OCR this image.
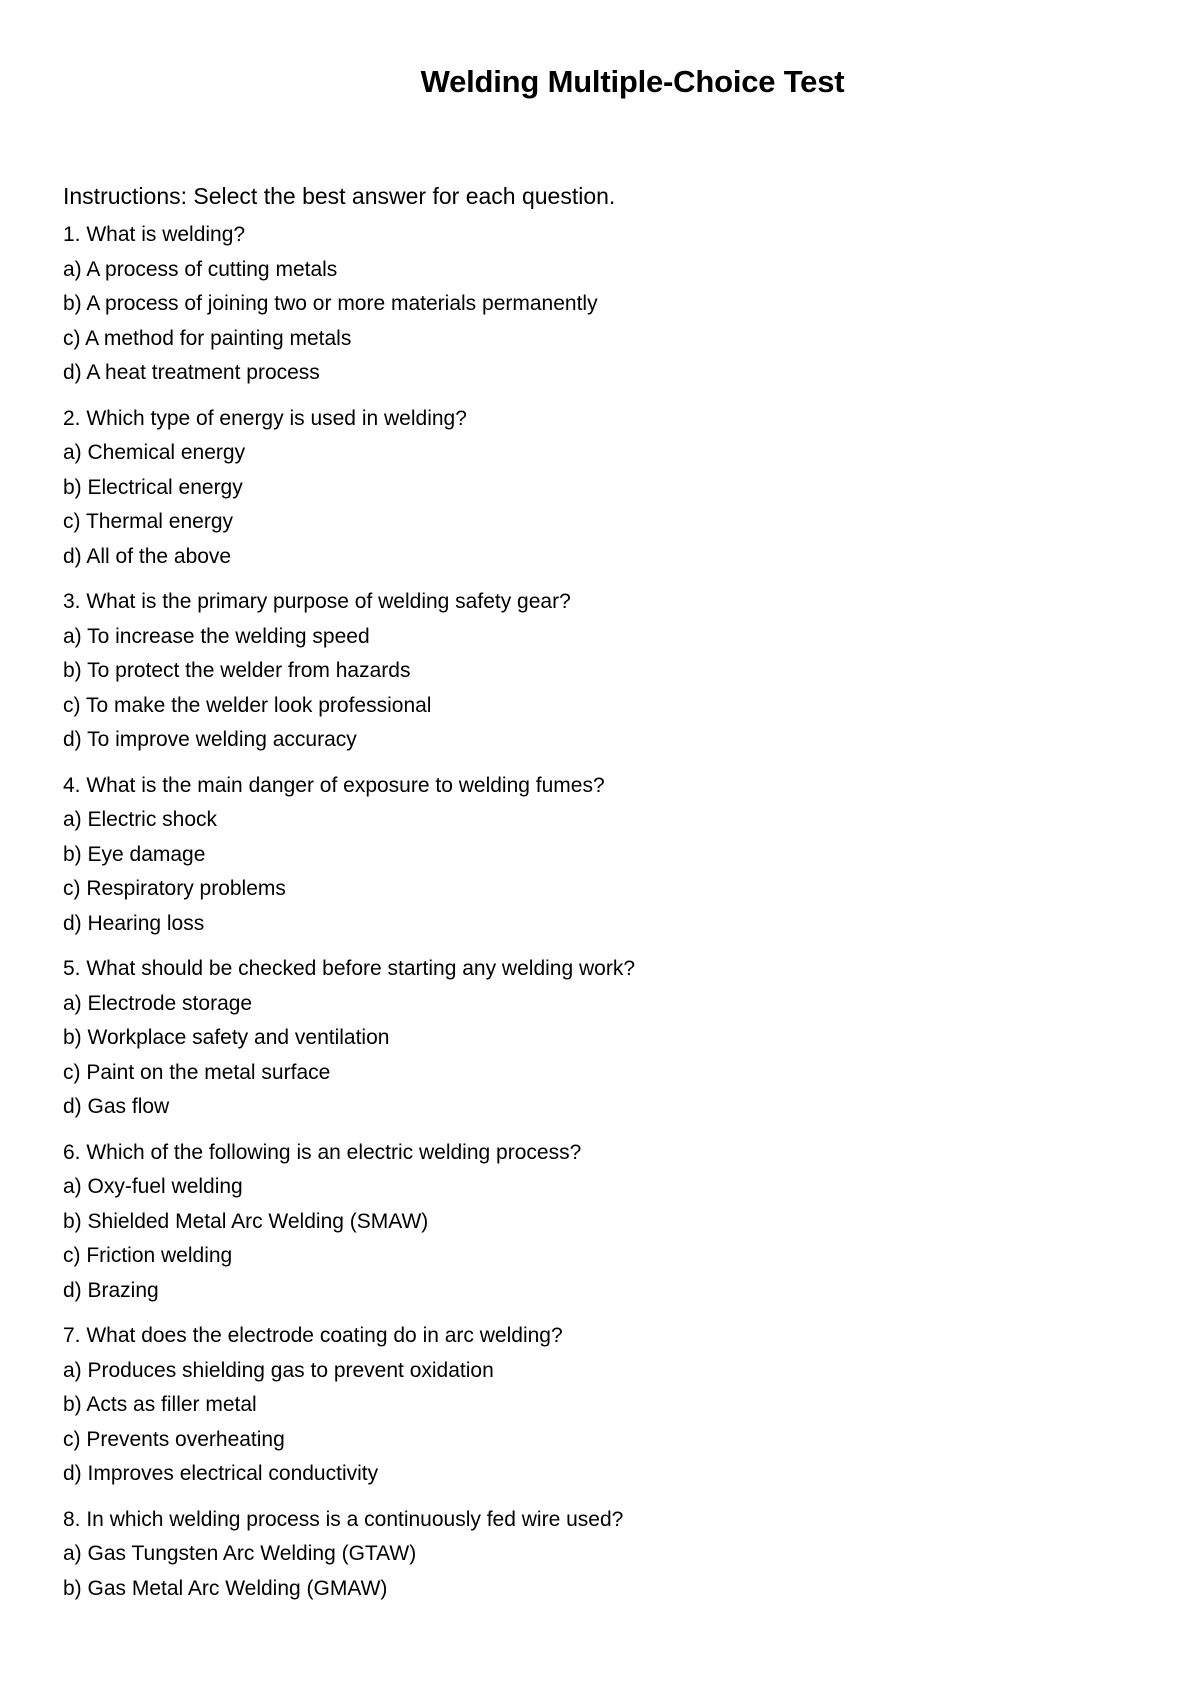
Welding Multiple-Choice Test
Instructions: Select the best answer for each question.
1. What is welding?
a) A process of cutting metals
b) A process of joining two or more materials permanently
c) A method for painting metals
d) A heat treatment process
2. Which type of energy is used in welding?
a) Chemical energy
b) Electrical energy
c) Thermal energy
d) All of the above
3. What is the primary purpose of welding safety gear?
a) To increase the welding speed
b) To protect the welder from hazards
c) To make the welder look professional
d) To improve welding accuracy
4. What is the main danger of exposure to welding fumes?
a) Electric shock
b) Eye damage
c) Respiratory problems
d) Hearing loss
5. What should be checked before starting any welding work?
a) Electrode storage
b) Workplace safety and ventilation
c) Paint on the metal surface
d) Gas flow
6. Which of the following is an electric welding process?
a) Oxy-fuel welding
b) Shielded Metal Arc Welding (SMAW)
c) Friction welding
d) Brazing
7. What does the electrode coating do in arc welding?
a) Produces shielding gas to prevent oxidation
b) Acts as filler metal
c) Prevents overheating
d) Improves electrical conductivity
8. In which welding process is a continuously fed wire used?
a) Gas Tungsten Arc Welding (GTAW)
b) Gas Metal Arc Welding (GMAW)
